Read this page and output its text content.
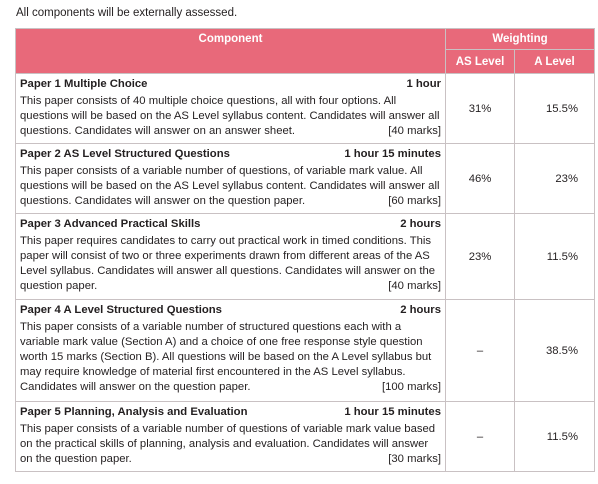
All components will be externally assessed.
Component	Weighting	
	AS Level	A Level

Paper 1 Multiple Choice 1 hour
This paper consists of 40 multiple choice questions, all with four options. All questions will be based on the AS Level syllabus content. Candidates will answer all questions. Candidates will answer on an answer sheet. [40 marks]	31%	15.5%

Paper 2 AS Level Structured Questions 1 hour 15 minutes
This paper consists of a variable number of questions, of variable mark value. All questions will be based on the AS Level syllabus content. Candidates will answer all questions. Candidates will answer on the question paper. [60 marks]	46%	23%

Paper 3 Advanced Practical Skills 2 hours
This paper requires candidates to carry out practical work in timed conditions. This paper will consist of two or three experiments drawn from different areas of the AS Level syllabus. Candidates will answer all questions. Candidates will answer on the question paper. [40 marks]	23%	11.5%

Paper 4 A Level Structured Questions 2 hours
This paper consists of a variable number of structured questions each with a variable mark value (Section A) and a choice of one free response style question worth 15 marks (Section B). All questions will be based on the A Level syllabus but may require knowledge of material first encountered in the AS Level syllabus. Candidates will answer on the question paper. [100 marks]	–	38.5%

Paper 5 Planning, Analysis and Evaluation 1 hour 15 minutes
This paper consists of a variable number of questions of variable mark value based on the practical skills of planning, analysis and evaluation. Candidates will answer on the question paper. [30 marks]	–	11.5%
